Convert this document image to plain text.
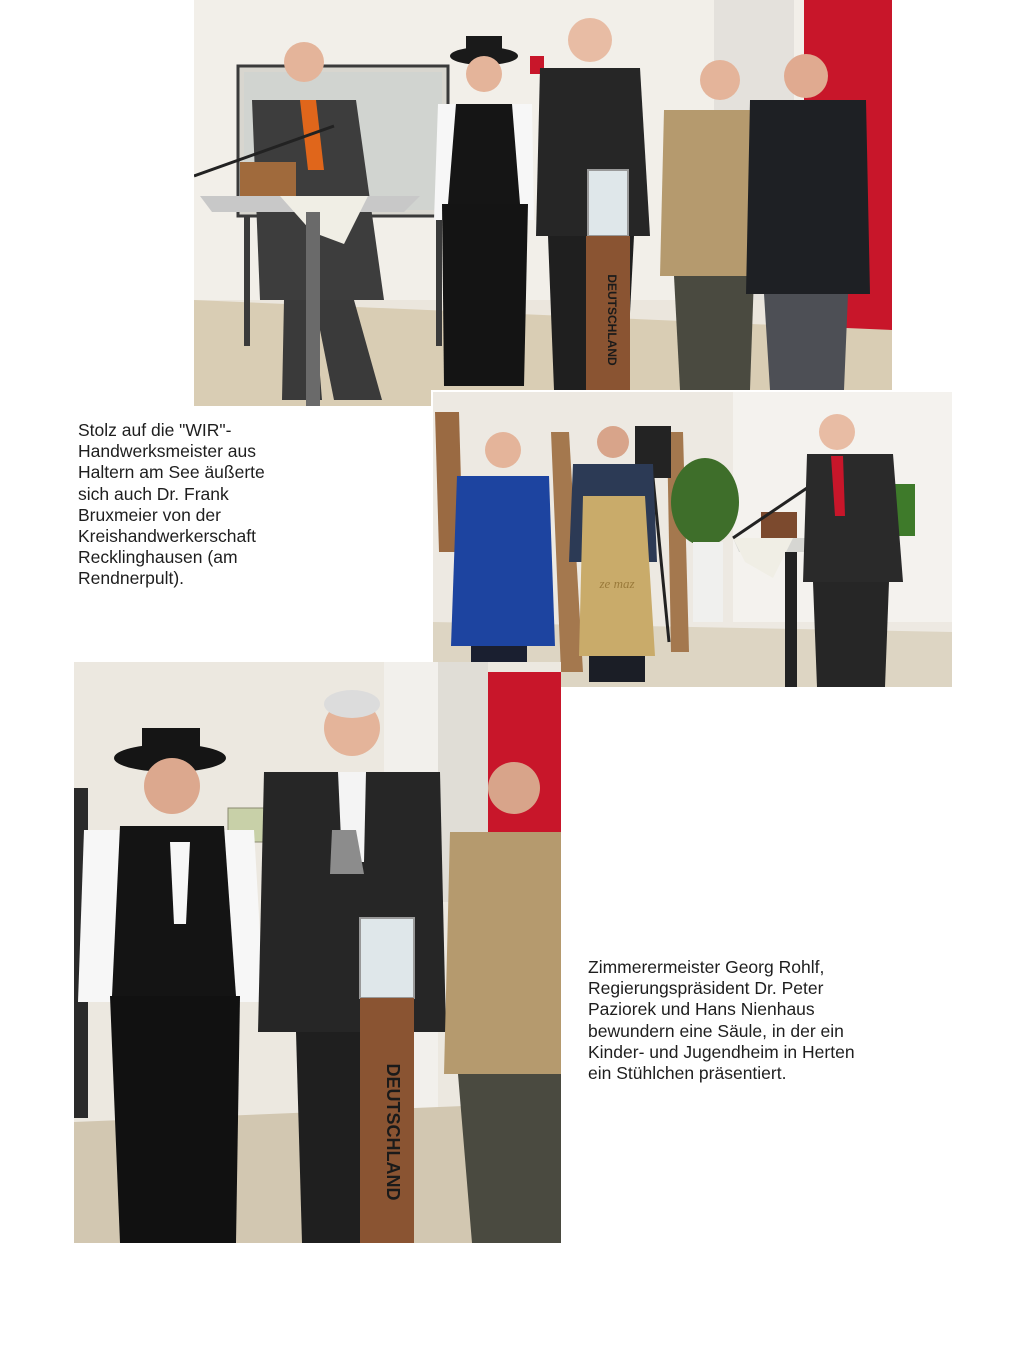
DEUTSCHLAND
ze maz
DEUTSCHLAND

Stolz auf die "WIR"-
Handwerksmeister aus
Haltern am See äußerte
sich auch Dr. Frank
Bruxmeier von der
Kreishandwerkerschaft
Recklinghausen (am
Rendnerpult).

Zimmerermeister Georg Rohlf,
Regierungspräsident Dr. Peter
Paziorek und Hans Nienhaus
bewundern eine Säule, in der ein
Kinder- und Jugendheim in Herten
ein Stühlchen präsentiert.
